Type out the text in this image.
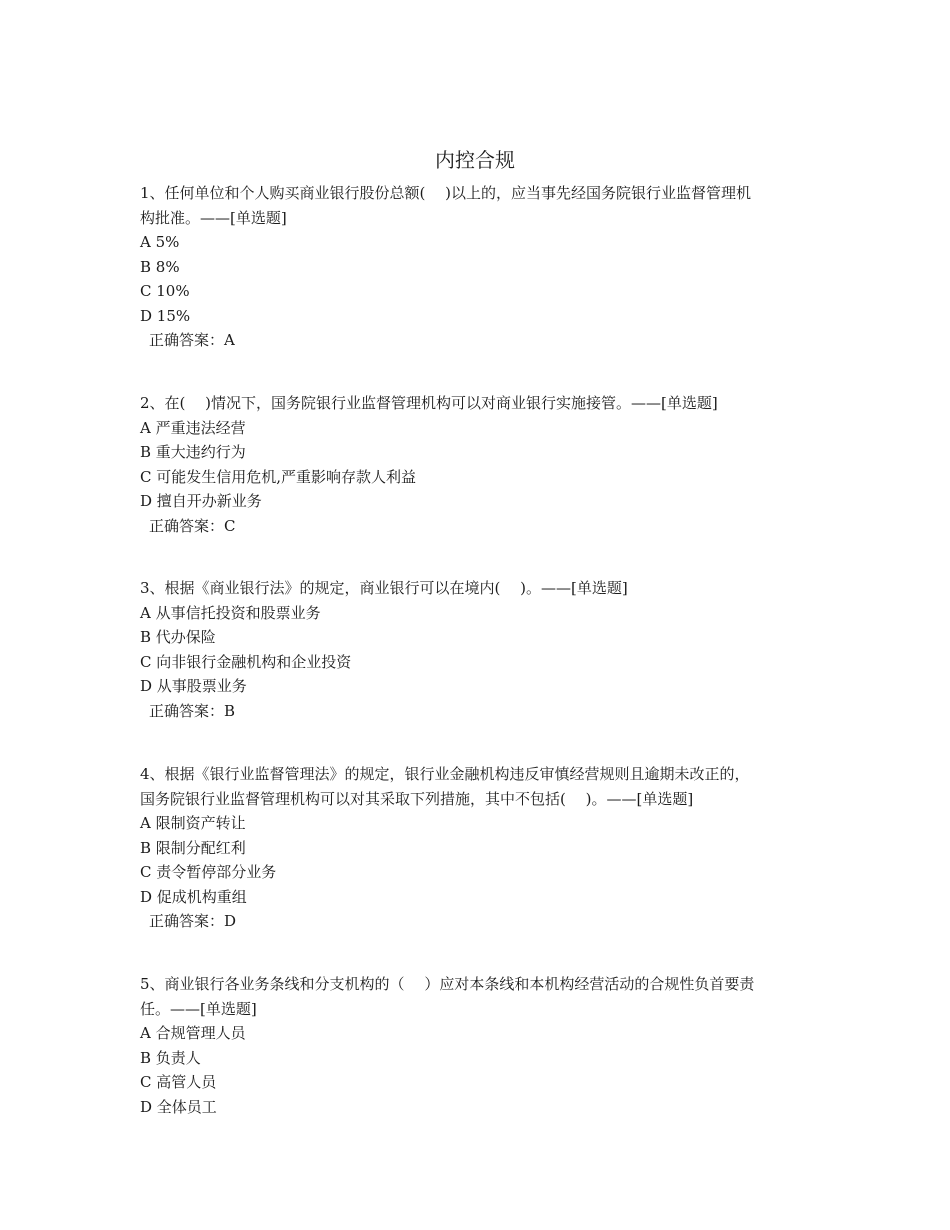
内控合规
1、任何单位和个人购买商业银行股份总额(　 )以上的，应当事先经国务院银行业监督管理机
构批准。——[单选题]
A 5%
B 8%
C 10%
D 15%
正确答案：A
2、在(　 )情况下，国务院银行业监督管理机构可以对商业银行实施接管。——[单选题]
A 严重违法经营
B 重大违约行为
C 可能发生信用危机,严重影响存款人利益
D 擅自开办新业务
正确答案：C
3、根据《商业银行法》的规定，商业银行可以在境内(　 )。——[单选题]
A 从事信托投资和股票业务
B 代办保险
C 向非银行金融机构和企业投资
D 从事股票业务
正确答案：B
4、根据《银行业监督管理法》的规定，银行业金融机构违反审慎经营规则且逾期未改正的，
国务院银行业监督管理机构可以对其采取下列措施，其中不包括(　 )。——[单选题]
A 限制资产转让
B 限制分配红利
C 责令暂停部分业务
D 促成机构重组
正确答案：D
5、商业银行各业务条线和分支机构的（　 ）应对本条线和本机构经营活动的合规性负首要责
任。——[单选题]
A 合规管理人员
B 负责人
C 高管人员
D 全体员工
